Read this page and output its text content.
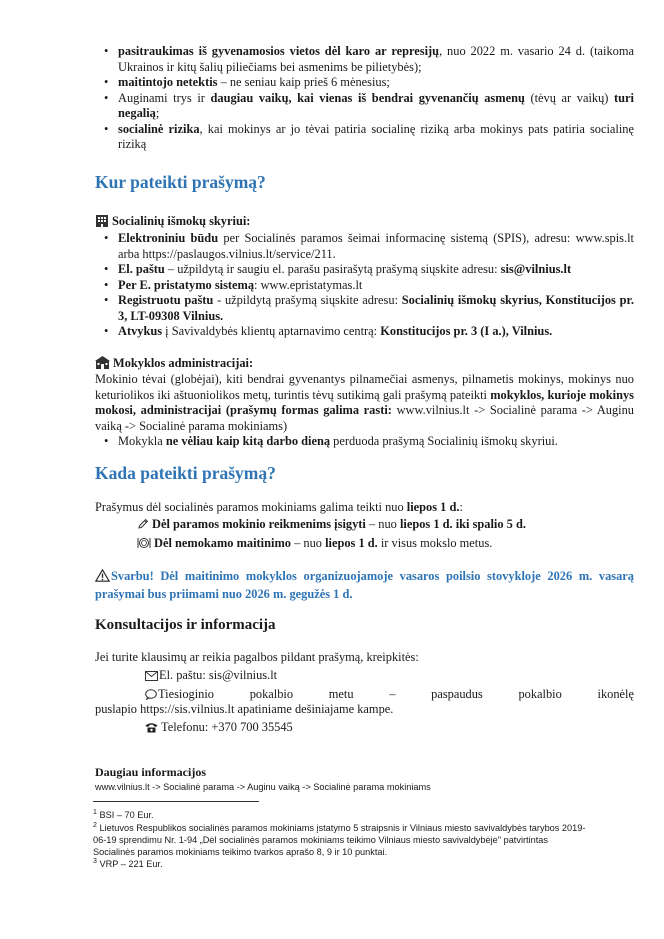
• pasitraukimas iš gyvenamosios vietos dėl karo ar represijų, nuo 2022 m. vasario 24 d. (taikoma Ukrainos ir kitų šalių piliečiams bei asmenims be pilietybės);

• maitintojo netektis – ne seniau kaip prieš 6 mėnesius;

• Auginami trys ir daugiau vaikų, kai vienas iš bendrai gyvenančių asmenų (tėvų ar vaikų) turi negalią;

• socialinė rizika, kai mokinys ar jo tėvai patiria socialinę riziką arba mokinys pats patiria socialinę riziką

Kur pateikti prašymą?
Socialinių išmokų skyriui:

• Elektroniniu būdu per Socialinės paramos šeimai informacinę sistemą (SPIS), adresu: www.spis.lt arba https://paslaugos.vilnius.lt/service/211.

• El. paštu – užpildytą ir saugiu el. parašu pasirašytą prašymą siųskite adresu: sis@vilnius.lt

• Per E. pristatymo sistemą: www.epristatymas.lt

• Registruotu paštu - užpildytą prašymą siųskite adresu: Socialinių išmokų skyrius, Konstitucijos pr. 3, LT-09308 Vilnius.

• Atvykus į Savivaldybės klientų aptarnavimo centrą: Konstitucijos pr. 3 (I a.), Vilnius.

Mokyklos administracijai:
Mokinio tėvai (globėjai), kiti bendrai gyvenantys pilnamečiai asmenys, pilnametis mokinys, mokinys nuo keturiolikos iki aštuoniolikos metų, turintis tėvų sutikimą gali prašymą pateikti mokyklos, kurioje mokinys mokosi, administracijai (prašymų formas galima rasti: www.vilnius.lt -> Socialinė parama -> Auginu vaiką -> Socialinė parama mokiniams)

• Mokykla ne vėliau kaip kitą darbo dieną perduoda prašymą Socialinių išmokų skyriui.

Kada pateikti prašymą?
Prašymus dėl socialinės paramos mokiniams galima teikti nuo liepos 1 d.:
Dėl paramos mokinio reikmenims įsigyti – nuo liepos 1 d. iki spalio 5 d.
Dėl nemokamo maitinimo – nuo liepos 1 d. ir visus mokslo metus.
Svarbu! Dėl maitinimo mokyklos organizuojamoje vasaros poilsio stovykloje 2026 m. vasarą prašymai bus priimami nuo 2026 m. gegužės 1 d.
Konsultacijos ir informacija
Jei turite klausimų ar reikia pagalbos pildant prašymą, kreipkitės:
El. paštu: sis@vilnius.lt
Tiesioginio	pokalbio	metu	–	paspaudus	pokalbio	ikonėlę
puslapio https://sis.vilnius.lt apatiniame dešiniajame kampe.
Telefonu: +370 700 35545
Daugiau informacijos
www.vilnius.lt -> Socialinė parama -> Auginu vaiką -> Socialinė parama mokiniams
$^1$ BSI – 70 Eur.
$^2$ Lietuvos Respublikos socialinės paramos mokiniams įstatymo 5 straipsnis ir Vilniaus miesto savivaldybės tarybos 2019-
06-19 sprendimu Nr. 1-94 „Dėl socialinės paramos mokiniams teikimo Vilniaus miesto savivaldybėje" patvirtintas
Socialinės paramos mokiniams teikimo tvarkos aprašo 8, 9 ir 10 punktai.
$^3$ VRP – 221 Eur.
